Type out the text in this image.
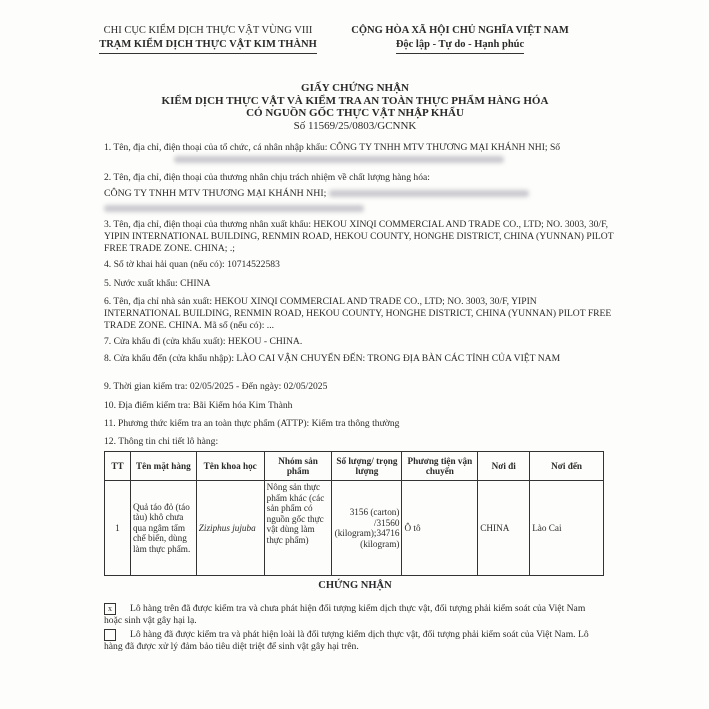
CHI CỤC KIỂM DỊCH THỰC VẬT VÙNG VIII
TRẠM KIỂM DỊCH THỰC VẬT KIM THÀNH
CỘNG HÒA XÃ HỘI CHỦ NGHĨA VIỆT NAM
Độc lập - Tự do - Hạnh phúc
GIẤY CHỨNG NHẬN
KIỂM DỊCH THỰC VẬT VÀ KIỂM TRA AN TOÀN THỰC PHẨM HÀNG HÓA
CÓ NGUỒN GỐC THỰC VẬT NHẬP KHẨU
Số 11569/25/0803/GCNNK
1. Tên, địa chỉ, điện thoại của tổ chức, cá nhân nhập khẩu: CÔNG TY TNHH MTV THƯƠNG MẠI KHÁNH NHI; Số

2. Tên, địa chỉ, điện thoại của thương nhân chịu trách nhiệm về chất lượng hàng hóa:
CÔNG TY TNHH MTV THƯƠNG MẠI KHÁNH NHI;
3. Tên, địa chỉ, điện thoại của thương nhân xuất khẩu: HEKOU XINQI COMMERCIAL AND TRADE CO., LTD; NO. 3003, 30/F, YIPIN INTERNATIONAL BUILDING, RENMIN ROAD, HEKOU COUNTY, HONGHE DISTRICT, CHINA (YUNNAN) PILOT FREE TRADE ZONE. CHINA; .;
4. Số tờ khai hải quan (nếu có): 10714522583
5. Nước xuất khẩu: CHINA
6. Tên, địa chỉ nhà sản xuất: HEKOU XINQI COMMERCIAL AND TRADE CO., LTD; NO. 3003, 30/F, YIPIN INTERNATIONAL BUILDING, RENMIN ROAD, HEKOU COUNTY, HONGHE DISTRICT, CHINA (YUNNAN) PILOT FREE TRADE ZONE. CHINA. Mã số (nếu có): ...
7. Cửa khẩu đi (cửa khẩu xuất): HEKOU - CHINA.
8. Cửa khẩu đến (cửa khẩu nhập): LÀO CAI VẬN CHUYỂN ĐẾN: TRONG ĐỊA BÀN CÁC TỈNH CỦA VIỆT NAM
9. Thời gian kiểm tra: 02/05/2025 - Đến ngày: 02/05/2025
10. Địa điểm kiểm tra: Bãi Kiểm hóa Kim Thành
11. Phương thức kiểm tra an toàn thực phẩm (ATTP): Kiểm tra thông thường
12. Thông tin chi tiết lô hàng:
TT	Tên mặt hàng	Tên khoa học	Nhóm sản phẩm	Số lượng/ trọng lượng	Phương tiện vận chuyển	Nơi đi	Nơi đến
1	Quả táo đỏ (táo tàu) khô chưa qua ngâm tẩm chế biến, dùng làm thực phẩm.	Ziziphus jujuba	Nông sản thực phẩm khác (các sản phẩm có nguồn gốc thực vật dùng làm thực phẩm)	3156 (carton) /31560 (kilogram);34716 (kilogram)	Ô tô	CHINA	Lào Cai
CHỨNG NHẬN
x Lô hàng trên đã được kiểm tra và chưa phát hiện đối tượng kiểm dịch thực vật, đối tượng phải kiểm soát của Việt Nam hoặc sinh vật gây hại lạ.
Lô hàng đã được kiểm tra và phát hiện loài là đối tượng kiểm dịch thực vật, đối tượng phải kiểm soát của Việt Nam. Lô hàng đã được xử lý đảm bảo tiêu diệt triệt để sinh vật gây hại trên.
